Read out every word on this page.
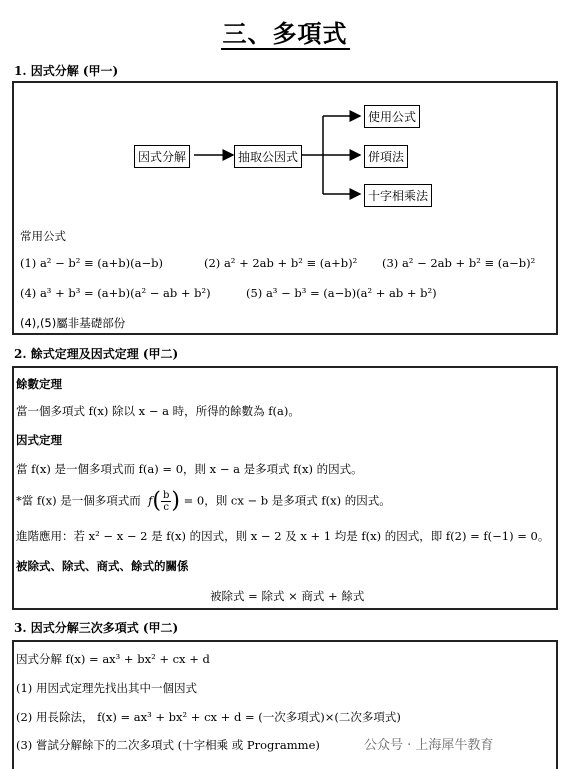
三、多項式
1. 因式分解 (甲一)
因式分解	抽取公因式
使用公式
併項法
十字相乘法
常用公式
(1) a² − b² ≡ (a+b)(a−b)	(2) a² + 2ab + b² ≡ (a+b)² (3) a² − 2ab + b² ≡ (a−b)²
(4) a³ + b³ = (a+b)(a² − ab + b²)	(5) a³ − b³ = (a−b)(a² + ab + b²)
(4),(5)屬非基礎部份
2. 餘式定理及因式定理 (甲二)
餘數定理
當一個多項式 f(x) 除以 x − a 時，所得的餘數為 f(a)。
因式定理
當 f(x) 是一個多項式而 f(a) = 0，則 x − a 是多項式 f(x) 的因式。
*當 f(x) 是一個多項式而 $f( \frac{b}{c}$ ) = 0，則 cx − b 是多項式 f(x) 的因式。
進階應用：若 x² − x − 2 是 f(x) 的因式，則 x − 2 及 x + 1 均是 f(x) 的因式，即 f(2) = f(−1) = 0。
被除式、除式、商式、餘式的關係
被除式 = 除式 × 商式 + 餘式
3. 因式分解三次多項式 (甲二)
因式分解 f(x) = ax³ + bx² + cx + d
(1) 用因式定理先找出其中一個因式
(2) 用長除法， f(x) = ax³ + bx² + cx + d = (一次多項式)×(二次多項式)
(3) 嘗試分解餘下的二次多項式 (十字相乘 或 Programme)	公众号 · 上海犀牛教育
